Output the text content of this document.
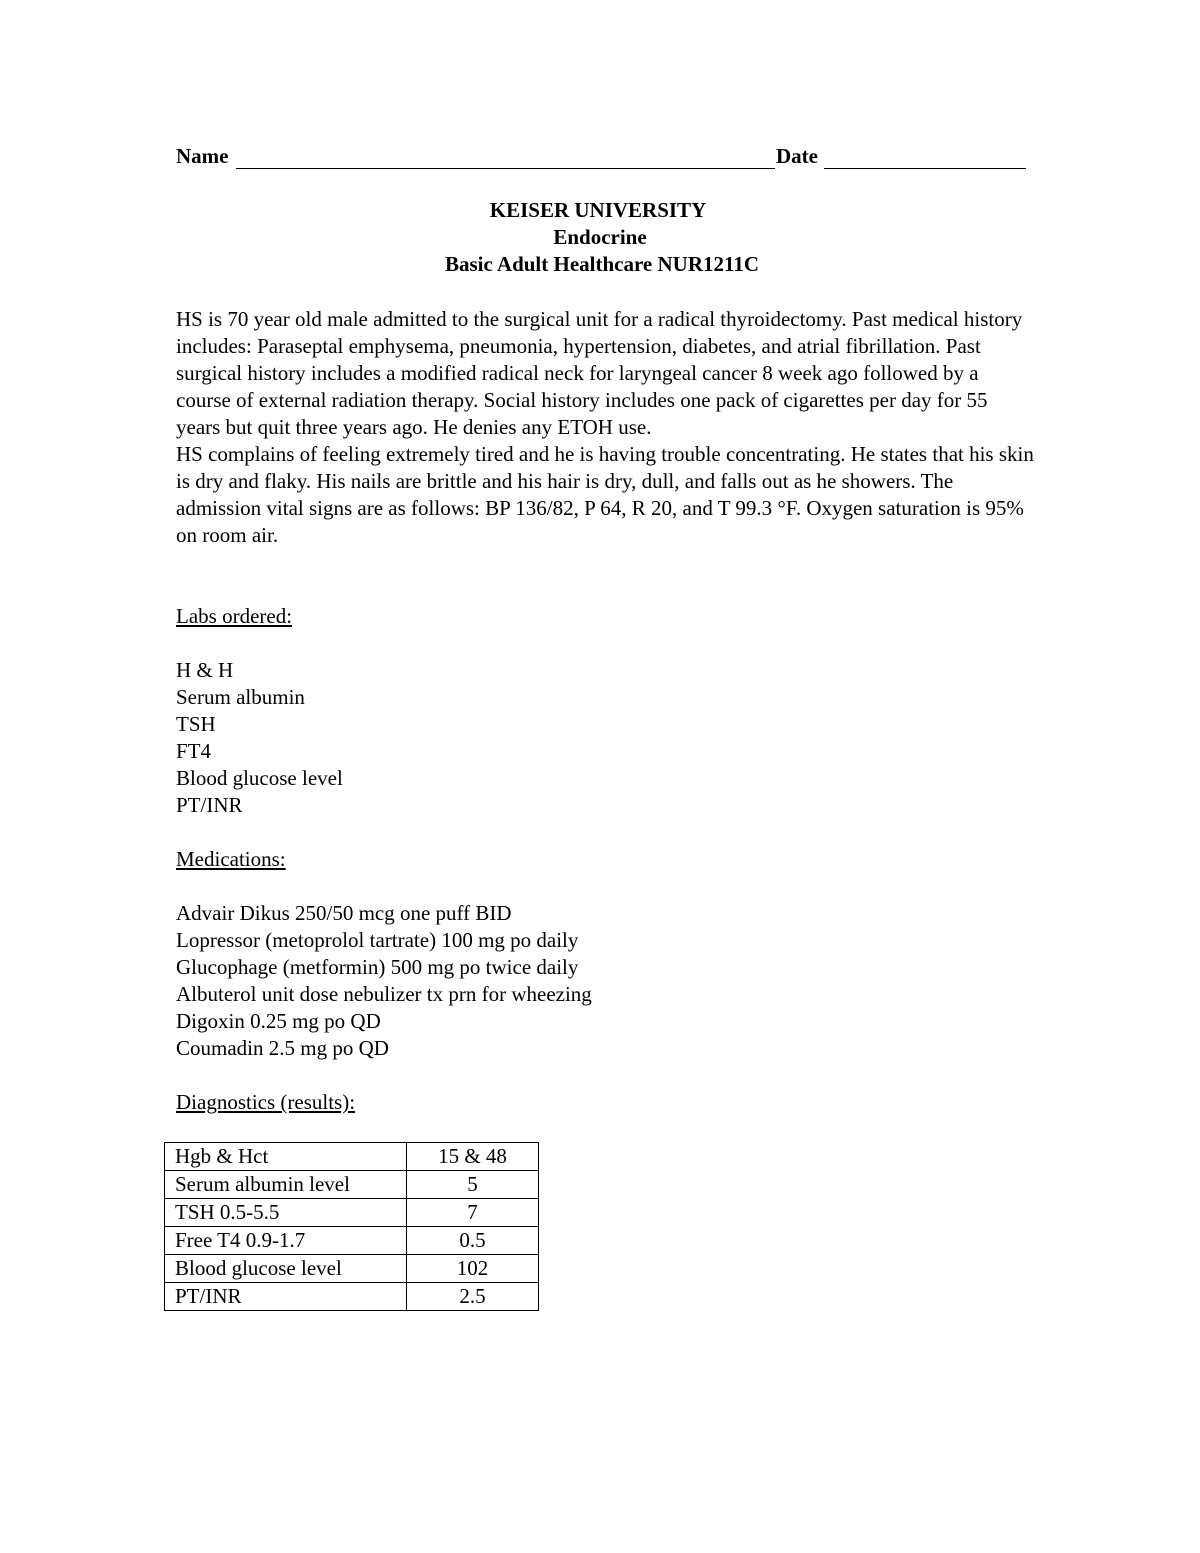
Name	Date
KEISER UNIVERSITY
Endocrine
Basic Adult Healthcare NUR1211C

HS is 70 year old male admitted to the surgical unit for a radical thyroidectomy. Past medical history includes: Paraseptal emphysema, pneumonia, hypertension, diabetes, and atrial fibrillation. Past surgical history includes a modified radical neck for laryngeal cancer 8 week ago followed by a course of external radiation therapy. Social history includes one pack of cigarettes per day for 55 years but quit three years ago. He denies any ETOH use.

HS complains of feeling extremely tired and he is having trouble concentrating. He states that his skin is dry and flaky. His nails are brittle and his hair is dry, dull, and falls out as he showers. The admission vital signs are as follows: BP 136/82, P 64, R 20, and T 99.3 °F. Oxygen saturation is 95% on room air.

Labs ordered:
H & H
Serum albumin
TSH
FT4
Blood glucose level
PT/INR
Medications:
Advair Dikus 250/50 mcg one puff BID
Lopressor (metoprolol tartrate) 100 mg po daily
Glucophage (metformin) 500 mg po twice daily
Albuterol unit dose nebulizer tx prn for wheezing
Digoxin 0.25 mg po QD
Coumadin 2.5 mg po QD
Diagnostics (results):
Hgb & Hct	15 & 48
Serum albumin level	5
TSH 0.5-5.5	7
Free T4 0.9-1.7	0.5
Blood glucose level	102
PT/INR	2.5
